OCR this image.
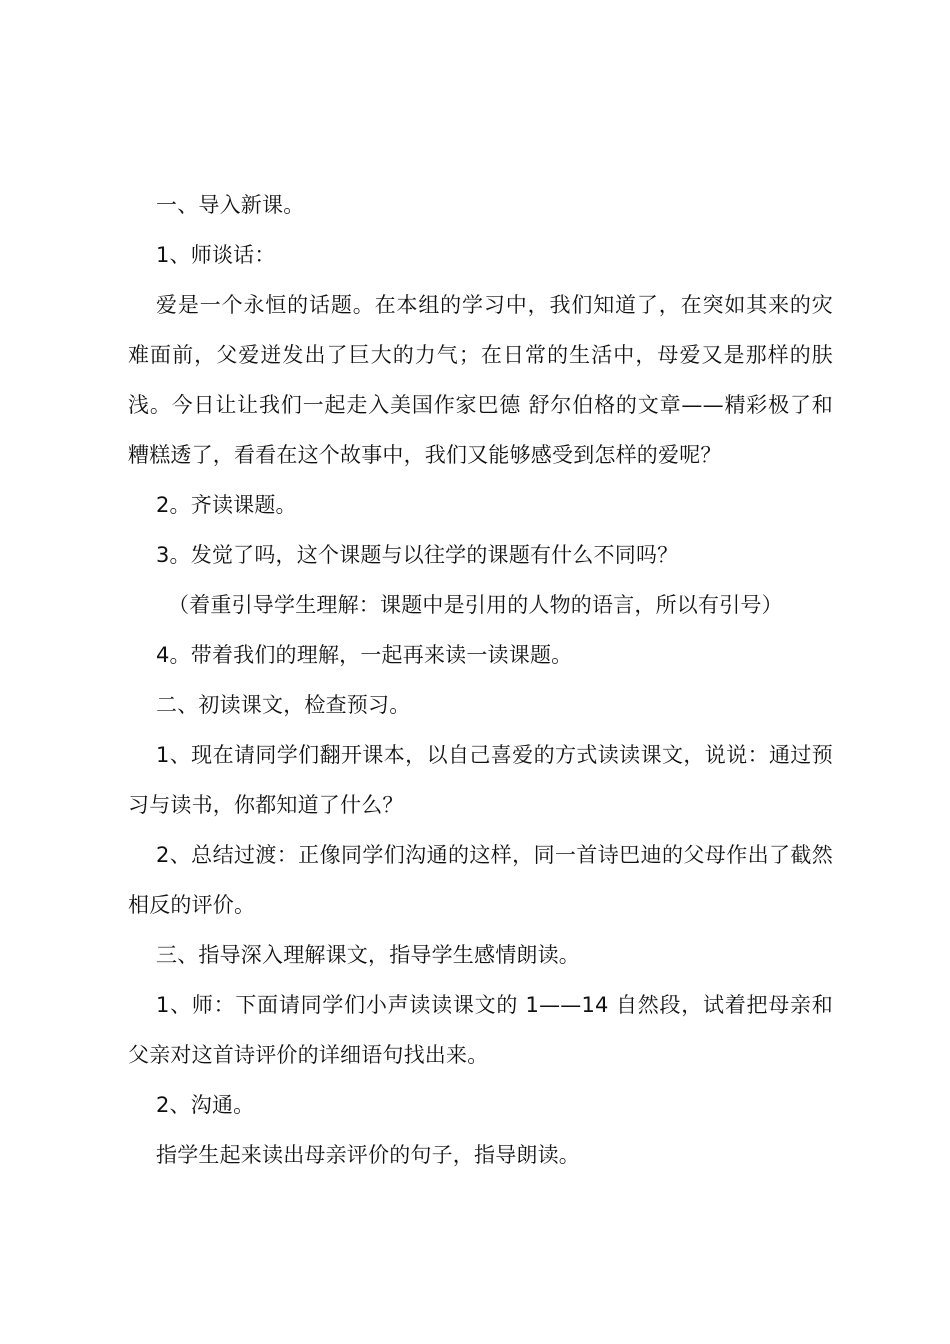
一、导入新课。

1、师谈话：

爱是一个永恒的话题。在本组的学习中，我们知道了，在突如其来的灾难面前，父爱迸发出了巨大的力气；在日常的生活中，母爱又是那样的肤浅。今日让让我们一起走入美国作家巴德 舒尔伯格的文章——精彩极了和糟糕透了，看看在这个故事中，我们又能够感受到怎样的爱呢？

2。齐读课题。

3。发觉了吗，这个课题与以往学的课题有什么不同吗？

（着重引导学生理解：课题中是引用的人物的语言，所以有引号）

4。带着我们的理解，一起再来读一读课题。

二、初读课文，检查预习。

1、现在请同学们翻开课本，以自己喜爱的方式读读课文，说说：通过预习与读书，你都知道了什么？

2、总结过渡：正像同学们沟通的这样，同一首诗巴迪的父母作出了截然相反的评价。

三、指导深入理解课文，指导学生感情朗读。

1、师：下面请同学们小声读读课文的 1——14 自然段，试着把母亲和父亲对这首诗评价的详细语句找出来。

2、沟通。

指学生起来读出母亲评价的句子，指导朗读。
